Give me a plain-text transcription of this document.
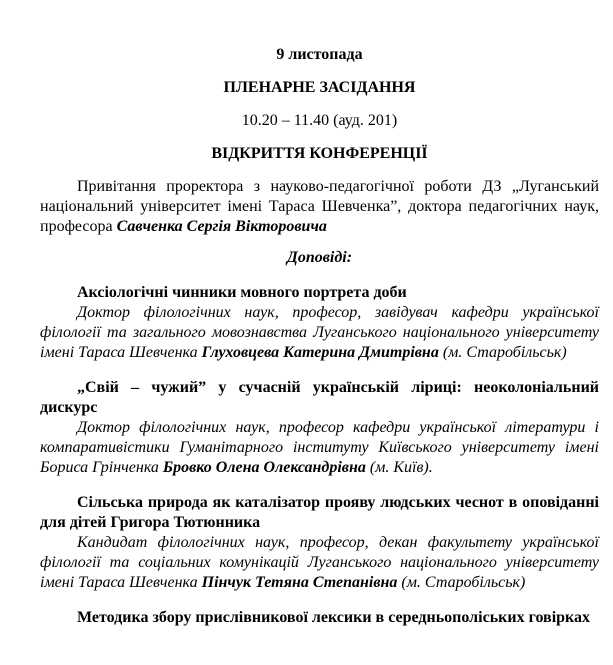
9 листопада

ПЛЕНАРНЕ ЗАСІДАННЯ

10.20 – 11.40 (ауд. 201)

ВІДКРИТТЯ КОНФЕРЕНЦІЇ

Привітання проректора з науково-педагогічної роботи ДЗ „Луганський національний університет імені Тараса Шевченка”, доктора педагогічних наук, професора Савченка Сергія Вікторовича

Доповіді:

Аксіологічні чинники мовного портрета доби

Доктор філологічних наук, професор, завідувач кафедри української філології та загального мовознавства Луганського національного університету імені Тараса Шевченка Глуховцева Катерина Дмитрівна (м. Старобільськ)

„Свій – чужий” у сучасній українській ліриці: неоколоніальний дискурс

Доктор філологічних наук, професор кафедри української літератури і компаративістики Гуманітарного інституту Київського університету імені Бориса Грінченка Бровко Олена Олександрівна (м. Київ).

Сільська природа як каталізатор прояву людських чеснот в оповіданні для дітей Григора Тютюнника

Кандидат філологічних наук, професор, декан факультету української філології та соціальних комунікацій Луганського національного університету імені Тараса Шевченка Пінчук Тетяна Степанівна (м. Старобільськ)

Методика збору прислівникової лексики в середньополіських говірках
